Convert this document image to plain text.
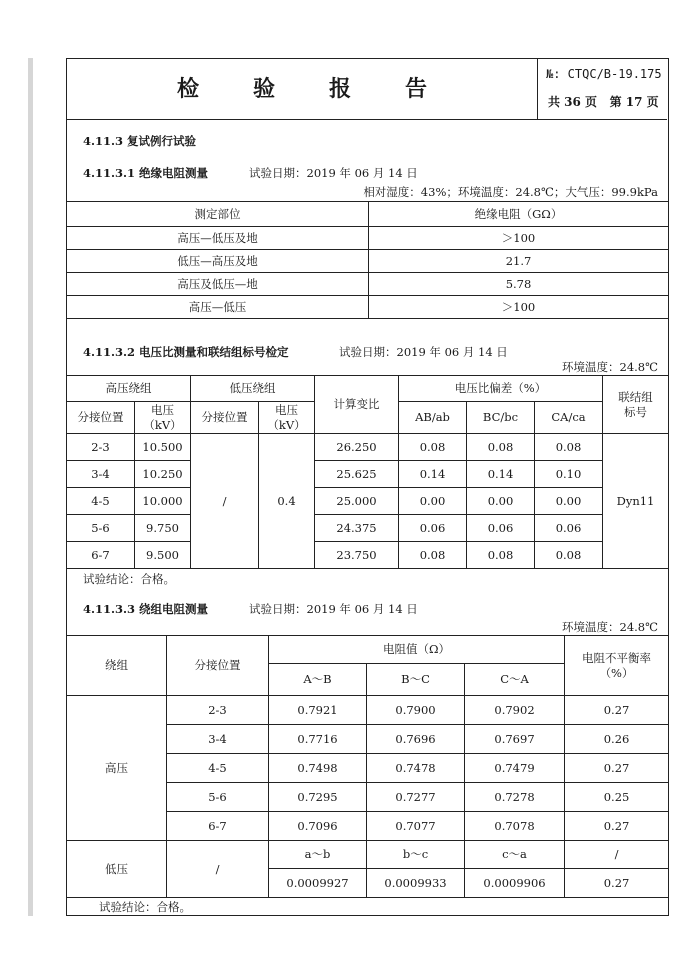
检验报告
№: CTQC/B-19.175
共 36 页 第 17 页
4.11.3 复试例行试验
4.11.3.1 绝缘电阻测量	试验日期：2019 年 06 月 14 日
相对湿度：43%；环境温度：24.8℃；大气压：99.9kPa
测定部位	绝缘电阻（GΩ）
高压—低压及地	＞100
低压—高压及地	21.7
高压及低压—地	5.78
高压—低压	＞100
4.11.3.2 电压比测量和联结组标号检定	试验日期：2019 年 06 月 14 日
环境温度：24.8℃
高压绕组		低压绕组		计算变比	电压比偏差（%）			联结组
标号
分接位置	电压
（kV）	分接位置	电压
（kV）		AB/ab	BC/bc	CA/ca	
2-3	10.500	/	0.4	26.250	0.08	0.08	0.08	Dyn11
3-4	10.250			25.625	0.14	0.14	0.10	
4-5	10.000			25.000	0.00	0.00	0.00	
5-6	9.750			24.375	0.06	0.06	0.06	
6-7	9.500			23.750	0.08	0.08	0.08	
试验结论：合格。
4.11.3.3 绕组电阻测量	试验日期：2019 年 06 月 14 日
环境温度：24.8℃
绕组	分接位置	电阻值（Ω）			电阻不平衡率
（%）
		A～B	B～C	C～A	
高压	2-3	0.7921	0.7900	0.7902	0.27
	3-4	0.7716	0.7696	0.7697	0.26
	4-5	0.7498	0.7478	0.7479	0.27
	5-6	0.7295	0.7277	0.7278	0.25
	6-7	0.7096	0.7077	0.7078	0.27
低压	/	a～b	b～c	c～a	/
		0.0009927	0.0009933	0.0009906	0.27
试验结论：合格。
